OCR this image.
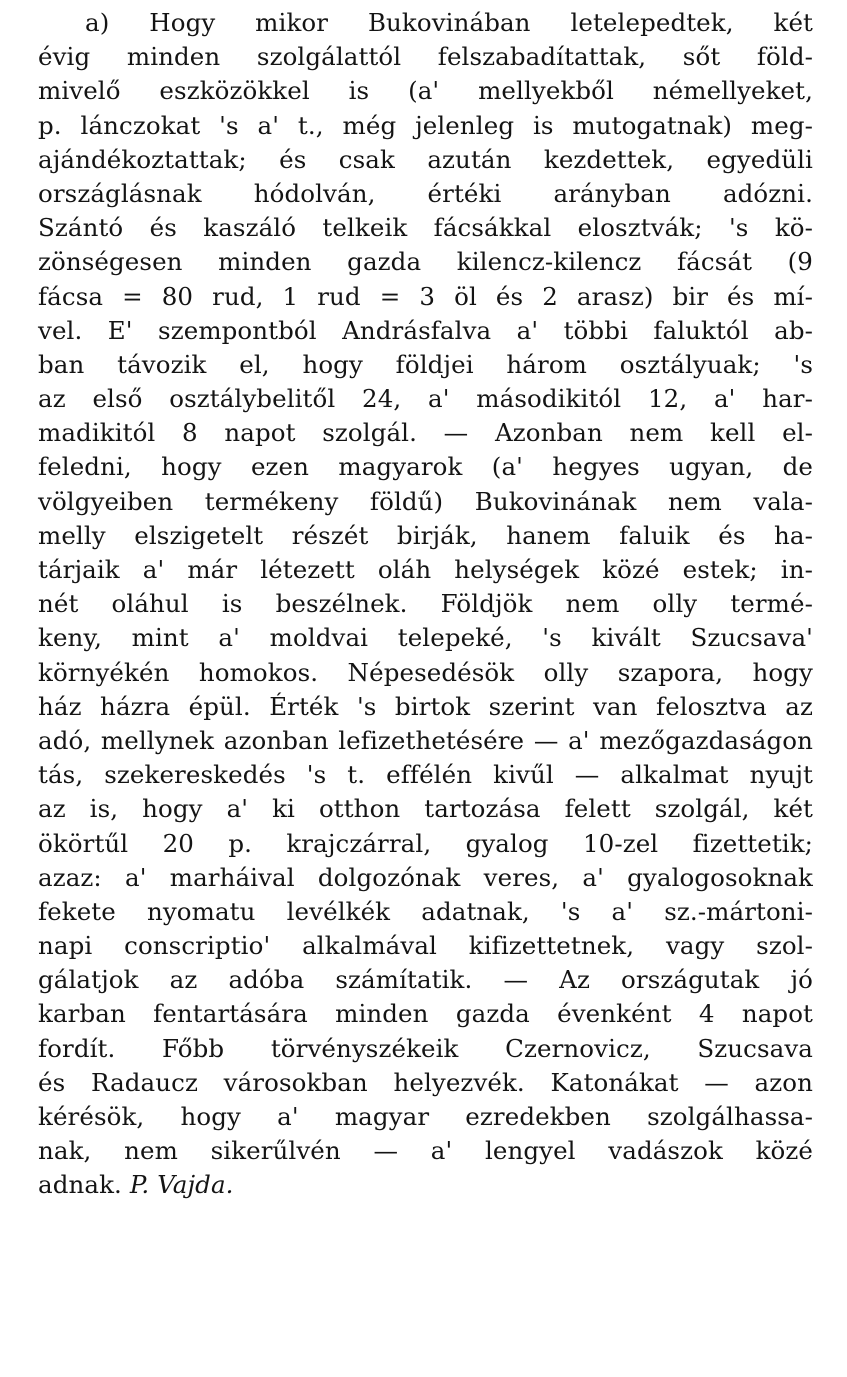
a) Hogy mikor Bukovinában letelepedtek, két
évig minden szolgálattól felszabadítattak, sőt föld-
mivelő eszközökkel is (a' mellyekből némellyeket,
p. lánczokat 's a' t., még jelenleg is mutogatnak) meg-
ajándékoztattak; és csak azután kezdettek, egyedüli
országlásnak hódolván, értéki arányban adózni.
Szántó és kaszáló telkeik fácsákkal elosztvák; 's kö-
zönségesen minden gazda kilencz-kilencz fácsát (9
fácsa = 80 rud, 1 rud = 3 öl és 2 arasz) bir és mí-
vel. E' szempontból Andrásfalva a' többi faluktól ab-
ban távozik el, hogy földjei három osztályuak; 's
az első osztálybelitől 24, a' másodikitól 12, a' har-
madikitól 8 napot szolgál. — Azonban nem kell el-
feledni, hogy ezen magyarok (a' hegyes ugyan, de
völgyeiben termékeny földű) Bukovinának nem vala-
melly elszigetelt részét birják, hanem faluik és ha-
tárjaik a' már létezett oláh helységek közé estek; in-
nét oláhul is beszélnek. Földjök nem olly termé-
keny, mint a' moldvai telepeké, 's kivált Szucsava'
környékén homokos. Népesedésök olly szapora, hogy
ház házra épül. Érték 's birtok szerint van felosztva az
adó, mellynek azonban lefizethetésére — a' mezőgazdaságon
tás, szekereskedés 's t. effélén kivűl — alkalmat nyujt
az is, hogy a' ki otthon tartozása felett szolgál, két
ökörtűl 20 p. krajczárral, gyalog 10-zel fizettetik;
azaz: a' marháival dolgozónak veres, a' gyalogosoknak
fekete nyomatu levélkék adatnak, 's a' sz.-mártoni-
napi conscriptio' alkalmával kifizettetnek, vagy szol-
gálatjok az adóba számítatik. — Az országutak jó
karban fentartására minden gazda évenként 4 napot
fordít. Főbb törvényszékeik Czernovicz, Szucsava
és Radaucz városokban helyezvék. Katonákat — azon
kérésök, hogy a' magyar ezredekben szolgálhassa-
nak, nem sikerűlvén — a' lengyel vadászok közé
adnak. P. Vajda.
